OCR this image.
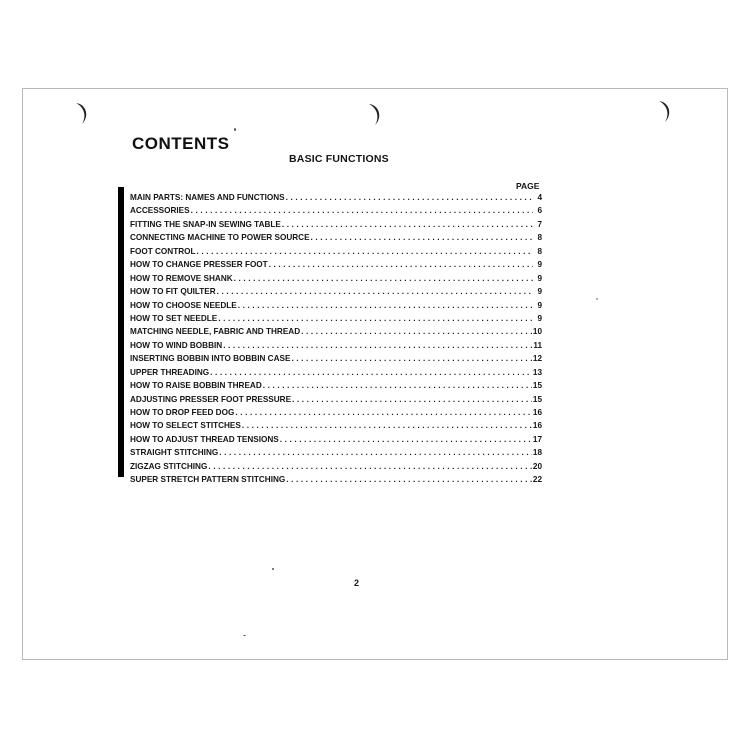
CONTENTS
BASIC FUNCTIONS
PAGE
MAIN PARTS: NAMES AND FUNCTIONS .....	4
ACCESSORIES .....	6
FITTING THE SNAP-IN SEWING TABLE .....	7
CONNECTING MACHINE TO POWER SOURCE .....	8
FOOT CONTROL .....	8
HOW TO CHANGE PRESSER FOOT .....	9
HOW TO REMOVE SHANK .....	9
HOW TO FIT QUILTER .....	9
HOW TO CHOOSE NEEDLE .....	9
HOW TO SET NEEDLE .....	9
MATCHING NEEDLE, FABRIC AND THREAD .....	10
HOW TO WIND BOBBIN .....	11
INSERTING BOBBIN INTO BOBBIN CASE .....	12
UPPER THREADING .....	13
HOW TO RAISE BOBBIN THREAD .....	15
ADJUSTING PRESSER FOOT PRESSURE .....	15
HOW TO DROP FEED DOG .....	16
HOW TO SELECT STITCHES .....	16
HOW TO ADJUST THREAD TENSIONS .....	17
STRAIGHT STITCHING .....	18
ZIGZAG STITCHING .....	20
SUPER STRETCH PATTERN STITCHING .....	22
2
